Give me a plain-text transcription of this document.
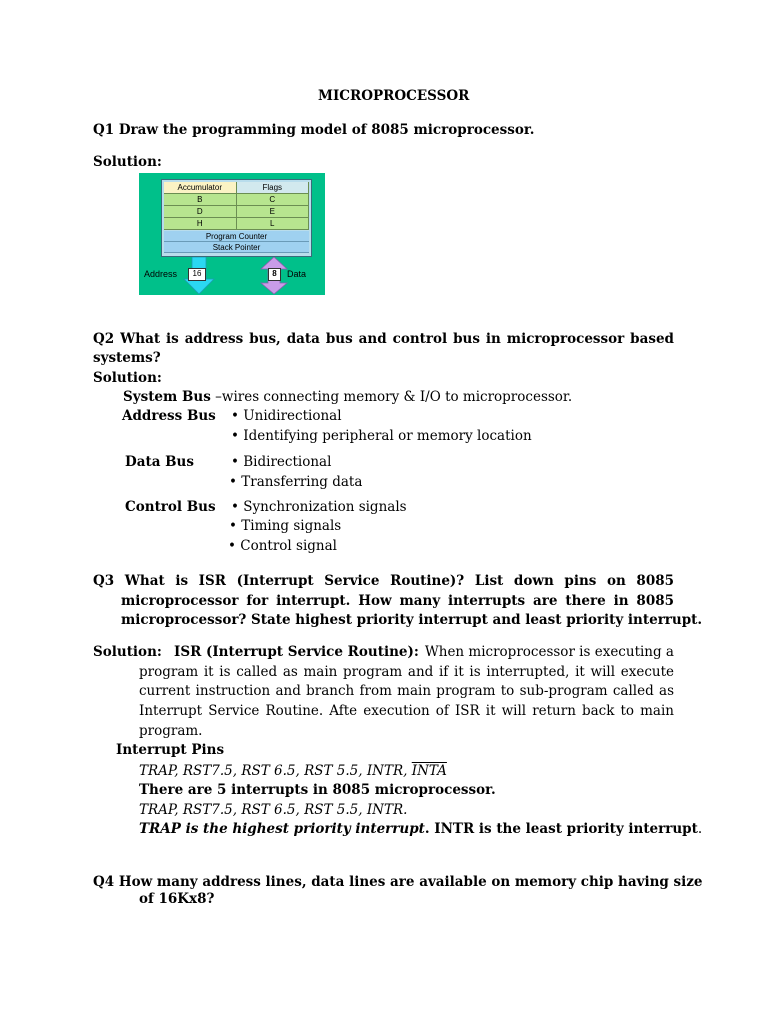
MICROPROCESSOR
Q1 Draw the programming model of 8085 microprocessor.
Solution:
Accumulator	Flags
B	C
D	E
H	L
Program Counter
Stack Pointer
Address	16	8	Data
Q2 What is address bus, data bus and control bus in microprocessor based
systems?
Solution:
System Bus –wires connecting memory & I/O to microprocessor.
Address Bus • Unidirectional
• Identifying peripheral or memory location
Data Bus	• Bidirectional
• Transferring data
Control Bus • Synchronization signals
• Timing signals
• Control signal
Q3 What is ISR (Interrupt Service Routine)? List down pins on 8085
microprocessor for interrupt. How many interrupts are there in 8085
microprocessor? State highest priority interrupt and least priority interrupt.
Solution: ISR (Interrupt Service Routine): When microprocessor is executing a
program it is called as main program and if it is interrupted, it will execute
current instruction and branch from main program to sub-program called as
Interrupt Service Routine. Afte execution of ISR it will return back to main
program.
Interrupt Pins
TRAP, RST7.5, RST 6.5, RST 5.5, INTR, INTA
There are 5 interrupts in 8085 microprocessor.
TRAP, RST7.5, RST 6.5, RST 5.5, INTR.
TRAP is the highest priority interrupt. INTR is the least priority interrupt.
Q4 How many address lines, data lines are available on memory chip having size
of 16Kx8?
